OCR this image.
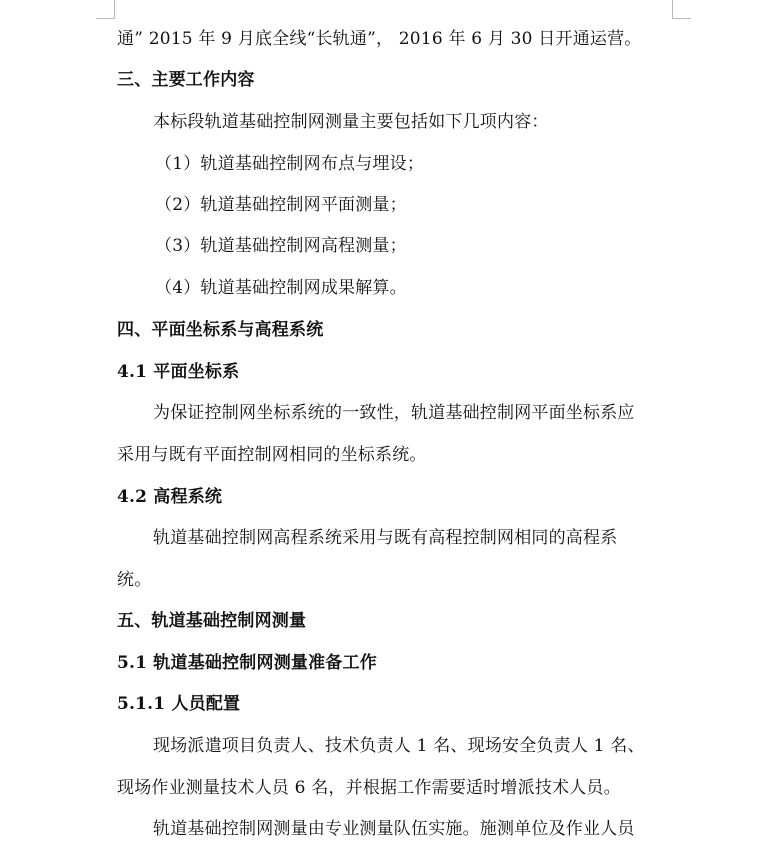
通” 2015 年 9 月底全线“长轨通”， 2016 年 6 月 30 日开通运营。
三、主要工作内容
本标段轨道基础控制网测量主要包括如下几项内容：
（1）轨道基础控制网布点与埋设；
（2）轨道基础控制网平面测量；
（3）轨道基础控制网高程测量；
（4）轨道基础控制网成果解算。
四、平面坐标系与高程系统
4.1 平面坐标系
为保证控制网坐标系统的一致性，轨道基础控制网平面坐标系应
采用与既有平面控制网相同的坐标系统。
4.2 高程系统
轨道基础控制网高程系统采用与既有高程控制网相同的高程系
统。
五、轨道基础控制网测量
5.1 轨道基础控制网测量准备工作
5.1.1 人员配置
现场派遣项目负责人、技术负责人 1 名、现场安全负责人 1 名、
现场作业测量技术人员 6 名，并根据工作需要适时增派技术人员。
轨道基础控制网测量由专业测量队伍实施。施测单位及作业人员
